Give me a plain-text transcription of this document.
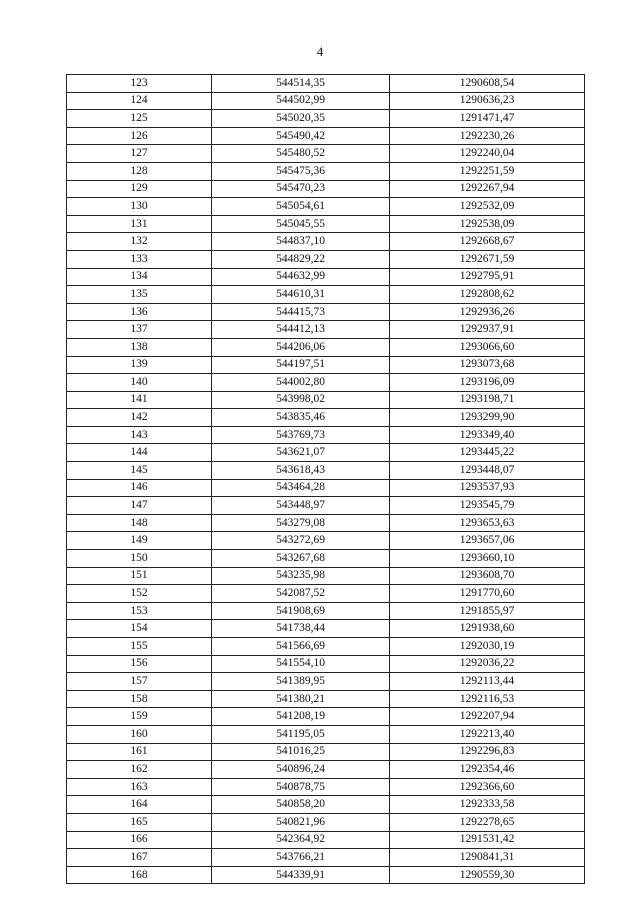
4
123	544514,35	1290608,54
124	544502,99	1290636,23
125	545020,35	1291471,47
126	545490,42	1292230,26
127	545480,52	1292240,04
128	545475,36	1292251,59
129	545470,23	1292267,94
130	545054,61	1292532,09
131	545045,55	1292538,09
132	544837,10	1292668,67
133	544829,22	1292671,59
134	544632,99	1292795,91
135	544610,31	1292808,62
136	544415,73	1292936,26
137	544412,13	1292937,91
138	544206,06	1293066,60
139	544197,51	1293073,68
140	544002,80	1293196,09
141	543998,02	1293198,71
142	543835,46	1293299,90
143	543769,73	1293349,40
144	543621,07	1293445,22
145	543618,43	1293448,07
146	543464,28	1293537,93
147	543448,97	1293545,79
148	543279,08	1293653,63
149	543272,69	1293657,06
150	543267,68	1293660,10
151	543235,98	1293608,70
152	542087,52	1291770,60
153	541908,69	1291855,97
154	541738,44	1291938,60
155	541566,69	1292030,19
156	541554,10	1292036,22
157	541389,95	1292113,44
158	541380,21	1292116,53
159	541208,19	1292207,94
160	541195,05	1292213,40
161	541016,25	1292296,83
162	540896,24	1292354,46
163	540878,75	1292366,60
164	540858,20	1292333,58
165	540821,96	1292278,65
166	542364,92	1291531,42
167	543766,21	1290841,31
168	544339,91	1290559,30
